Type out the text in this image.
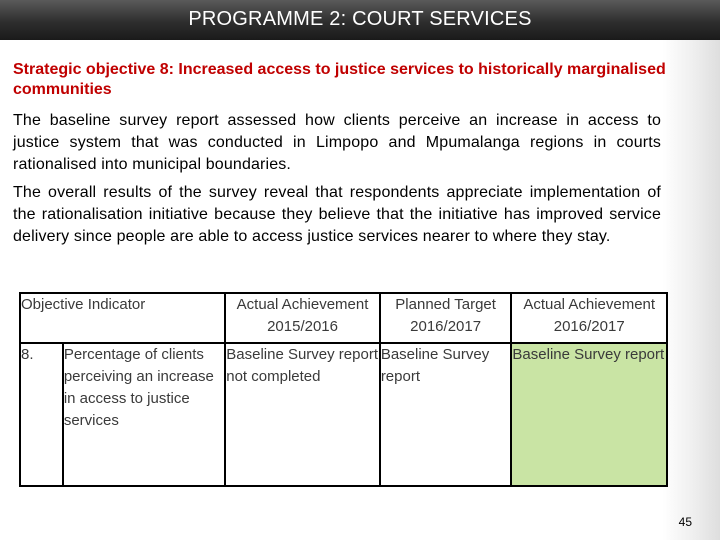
PROGRAMME 2: COURT SERVICES
Strategic objective 8: Increased access to justice services to historically marginalised communities
The baseline survey report assessed how clients perceive an increase in access to justice system that was conducted in Limpopo and Mpumalanga regions in courts rationalised into municipal boundaries.
The overall results of the survey reveal that respondents appreciate implementation of the rationalisation initiative because they believe that the initiative has improved service delivery since people are able to access justice services nearer to where they stay.
Objective Indicator		Actual Achievement 2015/2016	Planned Target 2016/2017	Actual Achievement 2016/2017
8.	Percentage of clients perceiving an increase in access to justice services	Baseline Survey report not completed	Baseline Survey report	Baseline Survey report
45
